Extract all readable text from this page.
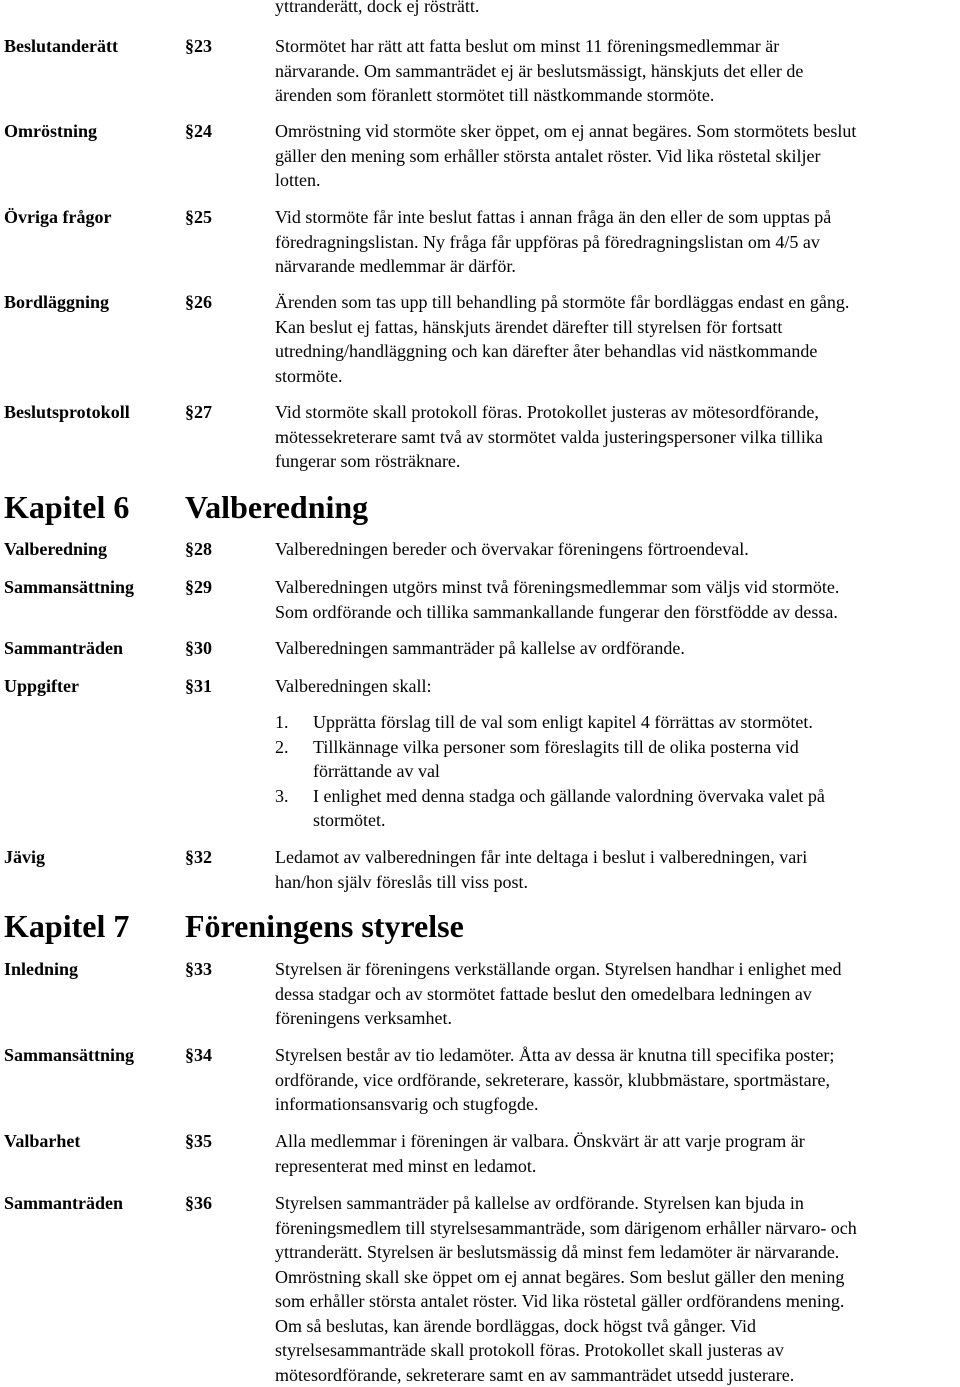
yttranderätt, dock ej rösträtt.
Beslutanderätt	§23	Stormötet har rätt att fatta beslut om minst 11 föreningsmedlemmar är

närvarande. Om sammanträdet ej är beslutsmässigt, hänskjuts det eller de

ärenden som föranlett stormötet till nästkommande stormöte.

Omröstning	§24	Omröstning vid stormöte sker öppet, om ej annat begäres. Som stormötets beslut

gäller den mening som erhåller största antalet röster. Vid lika röstetal skiljer

lotten.

Övriga frågor	§25	Vid stormöte får inte beslut fattas i annan fråga än den eller de som upptas på

föredragningslistan. Ny fråga får uppföras på föredragningslistan om 4/5 av

närvarande medlemmar är därför.

Bordläggning	§26	Ärenden som tas upp till behandling på stormöte får bordläggas endast en gång.

Kan beslut ej fattas, hänskjuts ärendet därefter till styrelsen för fortsatt

utredning/handläggning och kan därefter åter behandlas vid nästkommande

stormöte.

Beslutsprotokoll	§27	Vid stormöte skall protokoll föras. Protokollet justeras av mötesordförande,

mötessekreterare samt två av stormötet valda justeringspersoner vilka tillika

fungerar som rösträknare.

Kapitel 6 Valberedning
Valberedning	§28	Valberedningen bereder och övervakar föreningens förtroendeval.

Sammansättning	§29	Valberedningen utgörs minst två föreningsmedlemmar som väljs vid stormöte.

Som ordförande och tillika sammankallande fungerar den förstfödde av dessa.

Sammanträden	§30	Valberedningen sammanträder på kallelse av ordförande.

Uppgifter	§31	Valberedningen skall:

1. Upprätta förslag till de val som enligt kapitel 4 förrättas av stormötet.
2. Tillkännage vilka personer som föreslagits till de olika posterna vid
förrättande av val
3. I enlighet med denna stadga och gällande valordning övervaka valet på
stormötet.
Jävig	§32	Ledamot av valberedningen får inte deltaga i beslut i valberedningen, vari

han/hon själv föreslås till viss post.

Kapitel 7 Föreningens styrelse
Inledning	§33	Styrelsen är föreningens verkställande organ. Styrelsen handhar i enlighet med

dessa stadgar och av stormötet fattade beslut den omedelbara ledningen av

föreningens verksamhet.

Sammansättning	§34	Styrelsen består av tio ledamöter. Åtta av dessa är knutna till specifika poster;

ordförande, vice ordförande, sekreterare, kassör, klubbmästare, sportmästare,

informationsansvarig och stugfogde.

Valbarhet	§35	Alla medlemmar i föreningen är valbara. Önskvärt är att varje program är

representerat med minst en ledamot.

Sammanträden	§36	Styrelsen sammanträder på kallelse av ordförande. Styrelsen kan bjuda in

föreningsmedlem till styrelsesammanträde, som därigenom erhåller närvaro- och

yttranderätt. Styrelsen är beslutsmässig då minst fem ledamöter är närvarande.

Omröstning skall ske öppet om ej annat begäres. Som beslut gäller den mening

som erhåller största antalet röster. Vid lika röstetal gäller ordförandens mening.

Om så beslutas, kan ärende bordläggas, dock högst två gånger. Vid

styrelsesammanträde skall protokoll föras. Protokollet skall justeras av

mötesordförande, sekreterare samt en av sammanträdet utsedd justerare.
